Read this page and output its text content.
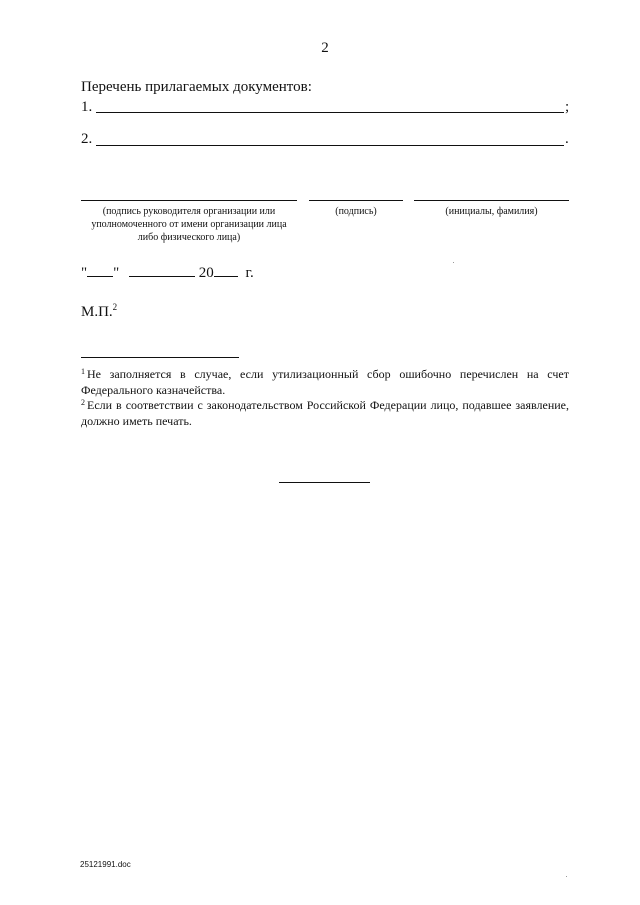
2
Перечень прилагаемых документов:
1.	;
2.	.
(подпись руководителя организации или уполномоченного от имени организации лица либо физического лица)
(подпись)	(инициалы, фамилия)
" "	20 г.
М.П.$^2$
$^1$ Не заполняется в случае, если утилизационный сбор ошибочно перечислен на счет Федерального казначейства.
$^2$ Если в соответствии с законодательством Российской Федерации лицо, подавшее заявление, должно иметь печать.
25121991.doc
